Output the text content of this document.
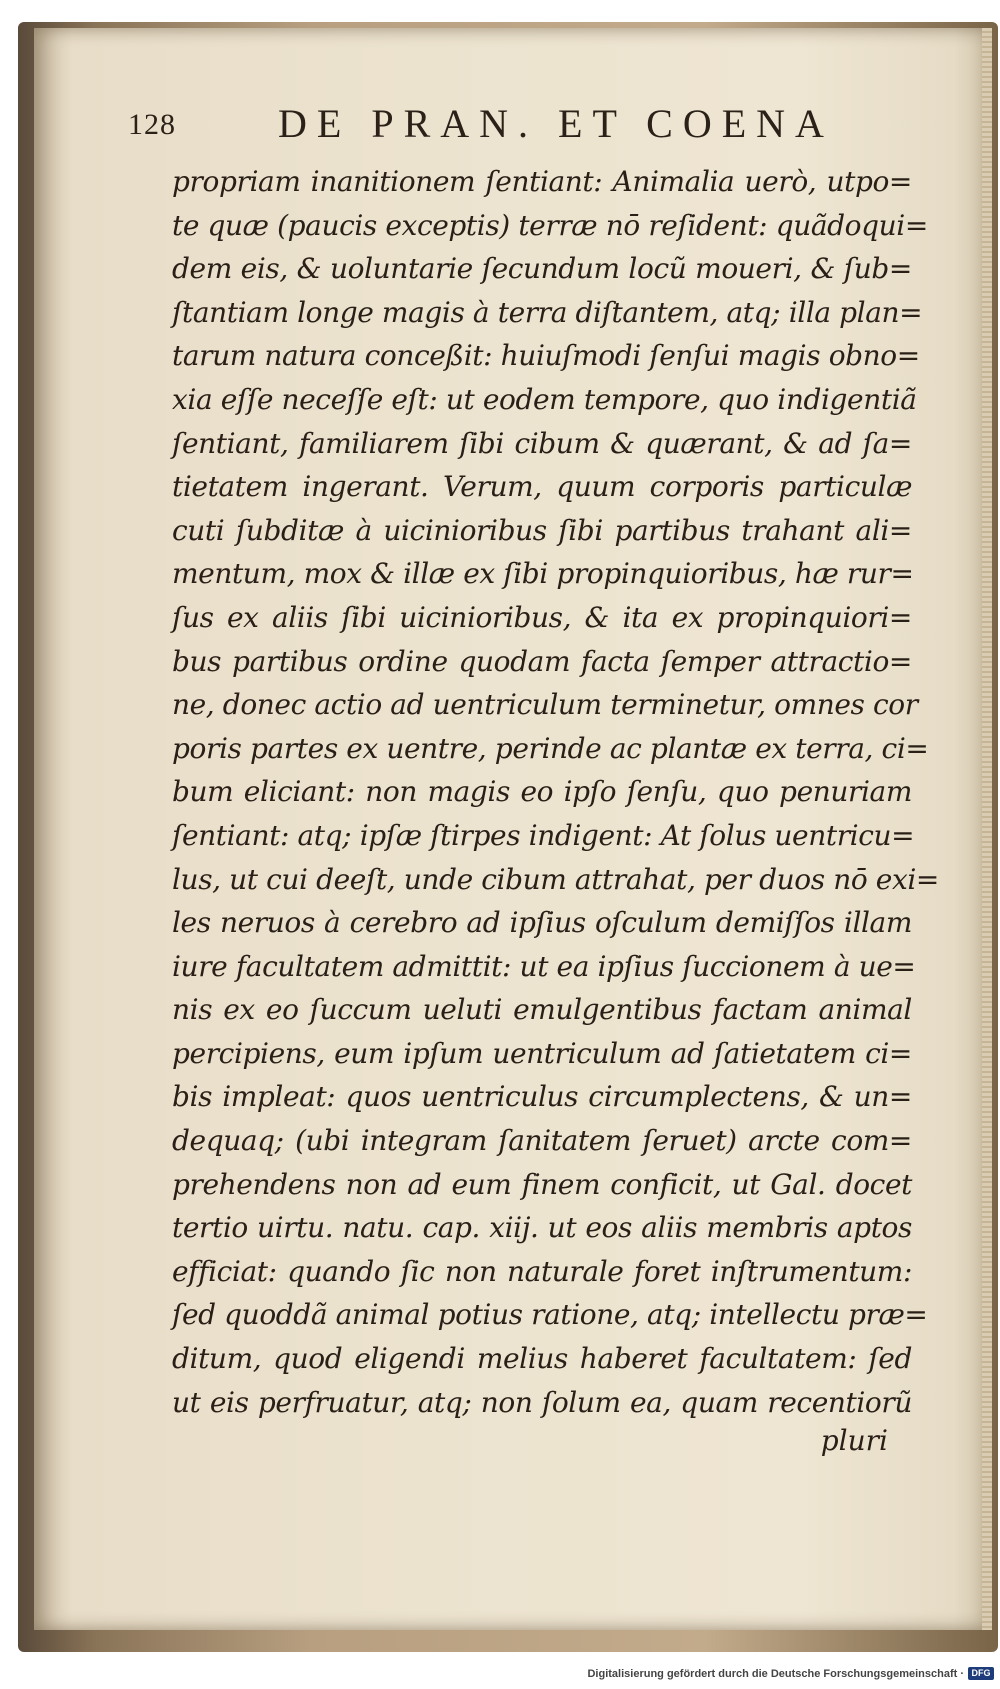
128	DE PRAN. ET COENA
propriam inanitionem ſentiant: Animalia uerò, utpo=
te quæ (paucis exceptis) terræ nō reſident: quãdoqui=
dem eis, & uoluntarie ſecundum locũ moueri, & ſub=
ſtantiam longe magis à terra diſtantem, atq; illa plan=
tarum natura conceßit: huiuſmodi ſenſui magis obno=
xia eſſe neceſſe eſt: ut eodem tempore, quo indigentiã
ſentiant, familiarem ſibi cibum & quærant, & ad ſa=
tietatem ingerant. Verum, quum corporis particulæ
cuti ſubditæ à uicinioribus ſibi partibus trahant ali=
mentum, mox & illæ ex ſibi propinquioribus, hæ rur=
ſus ex aliis ſibi uicinioribus, & ita ex propinquiori=
bus partibus ordine quodam facta ſemper attractio=
ne, donec actio ad uentriculum terminetur, omnes cor
poris partes ex uentre, perinde ac plantæ ex terra, ci=
bum eliciant: non magis eo ipſo ſenſu, quo penuriam
ſentiant: atq; ipſæ ſtirpes indigent: At ſolus uentricu=
lus, ut cui deeſt, unde cibum attrahat, per duos nō exi=
les neruos à cerebro ad ipſius oſculum demiſſos illam
iure facultatem admittit: ut ea ipſius ſuccionem à ue=
nis ex eo ſuccum ueluti emulgentibus factam animal
percipiens, eum ipſum uentriculum ad ſatietatem ci=
bis impleat: quos uentriculus circumplectens, & un=
dequaq; (ubi integram ſanitatem ſeruet) arcte com=
prehendens non ad eum finem conficit, ut Gal. docet
tertio uirtu. natu. cap. xiij. ut eos aliis membris aptos
efficiat: quando ſic non naturale foret inſtrumentum:
ſed quoddã animal potius ratione, atq; intellectu præ=
ditum, quod eligendi melius haberet facultatem: ſed
ut eis perfruatur, atq; non ſolum ea, quam recentiorũ
pluri
Digitalisierung gefördert durch die Deutsche Forschungsgemeinschaft · DFG
